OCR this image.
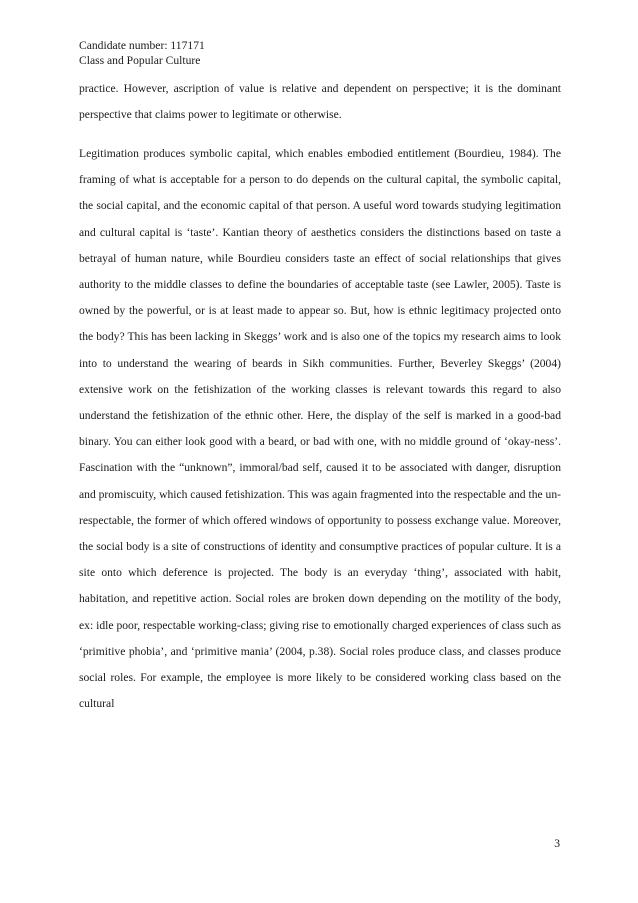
Candidate number: 117171
Class and Popular Culture

practice. However, ascription of value is relative and dependent on perspective; it is the dominant perspective that claims power to legitimate or otherwise.

Legitimation produces symbolic capital, which enables embodied entitlement (Bourdieu, 1984). The framing of what is acceptable for a person to do depends on the cultural capital, the symbolic capital, the social capital, and the economic capital of that person. A useful word towards studying legitimation and cultural capital is ‘taste’. Kantian theory of aesthetics considers the distinctions based on taste a betrayal of human nature, while Bourdieu considers taste an effect of social relationships that gives authority to the middle classes to define the boundaries of acceptable taste (see Lawler, 2005). Taste is owned by the powerful, or is at least made to appear so. But, how is ethnic legitimacy projected onto the body? This has been lacking in Skeggs’ work and is also one of the topics my research aims to look into to understand the wearing of beards in Sikh communities. Further, Beverley Skeggs’ (2004) extensive work on the fetishization of the working classes is relevant towards this regard to also understand the fetishization of the ethnic other. Here, the display of the self is marked in a good-bad binary. You can either look good with a beard, or bad with one, with no middle ground of ‘okay-ness’. Fascination with the “unknown”, immoral/bad self, caused it to be associated with danger, disruption and promiscuity, which caused fetishization. This was again fragmented into the respectable and the un-respectable, the former of which offered windows of opportunity to possess exchange value. Moreover, the social body is a site of constructions of identity and consumptive practices of popular culture. It is a site onto which deference is projected. The body is an everyday ‘thing’, associated with habit, habitation, and repetitive action. Social roles are broken down depending on the motility of the body, ex: idle poor, respectable working-class; giving rise to emotionally charged experiences of class such as ‘primitive phobia’, and ‘primitive mania’ (2004, p.38). Social roles produce class, and classes produce social roles. For example, the employee is more likely to be considered working class based on the cultural

3
